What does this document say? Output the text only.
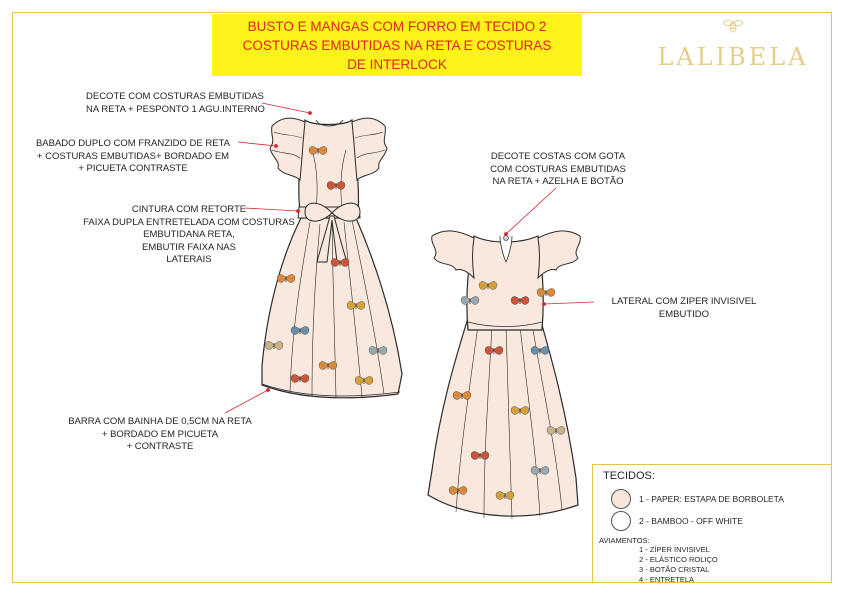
BUSTO E MANGAS COM FORRO EM TECIDO 2
COSTURAS EMBUTIDAS NA RETA E COSTURAS
DE INTERLOCK	LALIBELA
DECOTE COM COSTURAS EMBUTIDAS
NA RETA + PESPONTO 1 AGU.INTERNO
BABADO DUPLO COM FRANZIDO DE RETA
+ COSTURAS EMBUTIDAS+ BORDADO EM
+ PICUETA CONTRASTE
CINTURA COM RETORTE
FAIXA DUPLA ENTRETELADA COM COSTURAS
EMBUTIDANA RETA,
EMBUTIR FAIXA NAS
LATERAIS
BARRA COM BAINHA DE 0,5CM NA RETA
+ BORDADO EM PICUETA
+ CONTRASTE
DECOTE COSTAS COM GOTA
COM COSTURAS EMBUTIDAS
NA RETA + AZELHA E BOTÃO
LATERAL COM ZIPER INVISIVEL
EMBUTIDO
TECIDOS:
1 - PAPER: ESTAPA DE BORBOLETA
2 - BAMBOO - OFF WHITE
AVIAMENTOS:
1 - ZÍPER INVISIVEL
2 - ELÁSTICO ROLIÇO
3 - BOTÃO CRISTAL
4 - ENTRETELA
